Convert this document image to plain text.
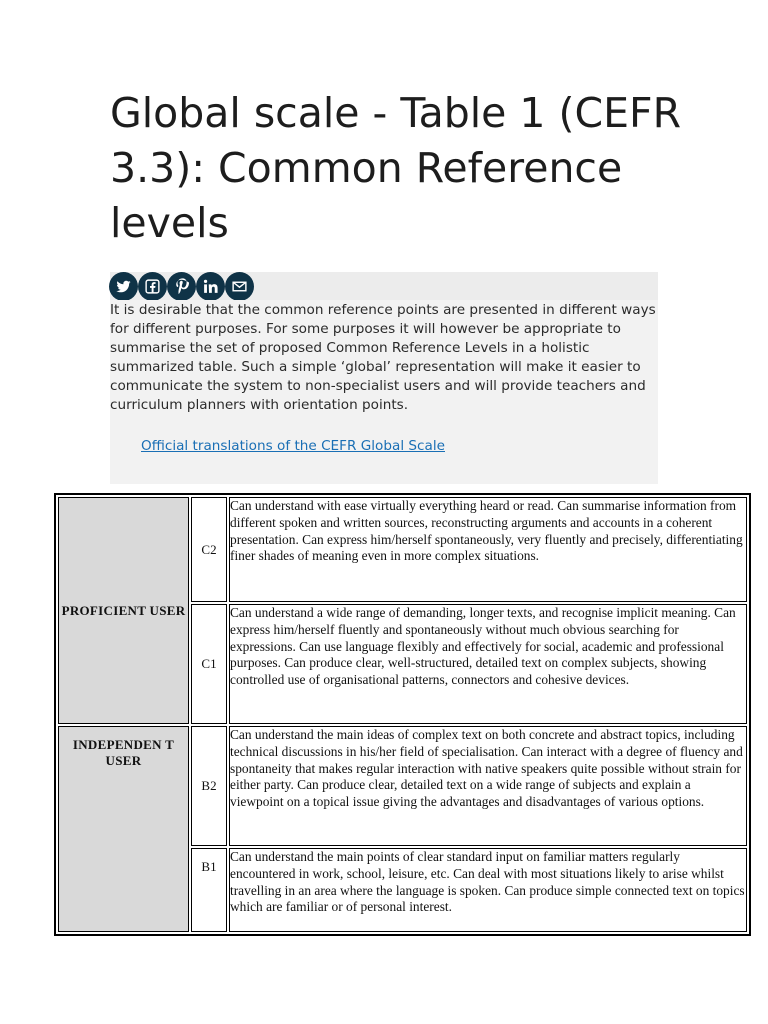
Global scale - Table 1 (CEFR 3.3): Common Reference levels

It is desirable that the common reference points are presented in different ways for different purposes. For some purposes it will however be appropriate to summarise the set of proposed Common Reference Levels in a holistic summarized table. Such a simple ‘global’ representation will make it easier to communicate the system to non-specialist users and will provide teachers and curriculum planners with orientation points.

Official translations of the CEFR Global Scale
PROFICIENT USER	C2	Can understand with ease virtually everything heard or read. Can summarise information from different spoken and written sources, reconstructing arguments and accounts in a coherent presentation. Can express him/herself spontaneously, very fluently and precisely, differentiating finer shades of meaning even in more complex situations.
	C1	Can understand a wide range of demanding, longer texts, and recognise implicit meaning. Can express him/herself fluently and spontaneously without much obvious searching for expressions. Can use language flexibly and effectively for social, academic and professional purposes. Can produce clear, well-structured, detailed text on complex subjects, showing controlled use of organisational patterns, connectors and cohesive devices.
INDEPENDEN T USER	B2	Can understand the main ideas of complex text on both concrete and abstract topics, including technical discussions in his/her field of specialisation. Can interact with a degree of fluency and spontaneity that makes regular interaction with native speakers quite possible without strain for either party. Can produce clear, detailed text on a wide range of subjects and explain a viewpoint on a topical issue giving the advantages and disadvantages of various options.
	B1	Can understand the main points of clear standard input on familiar matters regularly encountered in work, school, leisure, etc. Can deal with most situations likely to arise whilst travelling in an area where the language is spoken. Can produce simple connected text on topics which are familiar or of personal interest.
